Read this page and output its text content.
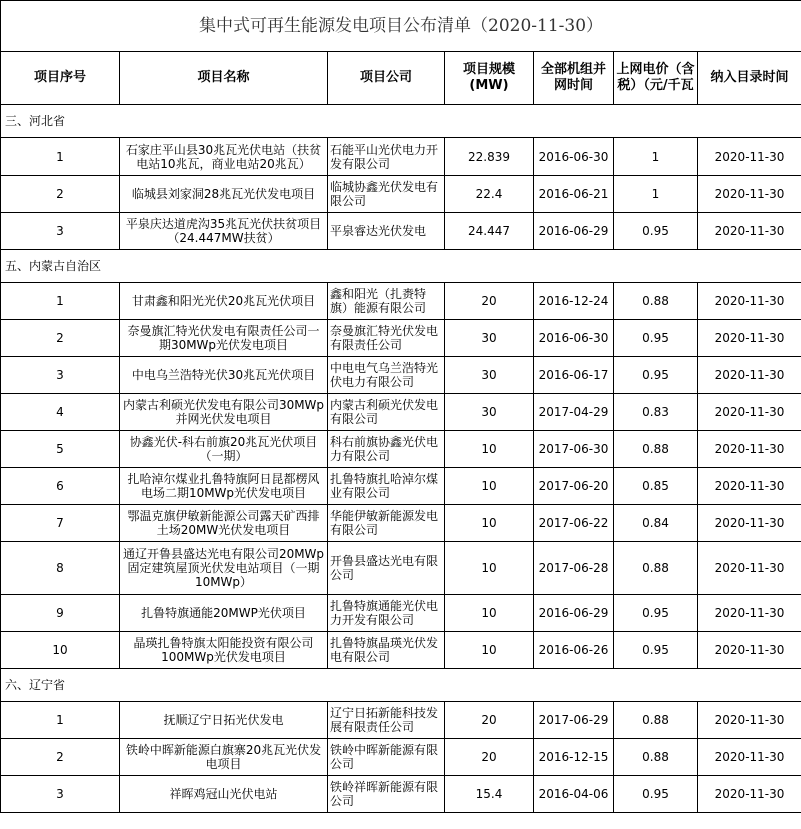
集中式可再生能源发电项目公布清单（2020-11-30）						
项目序号	项目名称	项目公司	项目规模(MW)	全部机组并网时间	上网电价（含税）（元/千瓦	纳入目录时间
三、河北省						
1	石家庄平山县30兆瓦光伏电站（扶贫电站10兆瓦，商业电站20兆瓦）	石能平山光伏电力开发有限公司	22.839	2016-06-30	1	2020-11-30
2	临城县刘家洞28兆瓦光伏发电项目	临城协鑫光伏发电有限公司	22.4	2016-06-21	1	2020-11-30
3	平泉庆达道虎沟35兆瓦光伏扶贫项目（24.447MW扶贫）	平泉睿达光伏发电	24.447	2016-06-29	0.95	2020-11-30
五、内蒙古自治区						
1	甘肃鑫和阳光光伏20兆瓦光伏项目	鑫和阳光（扎赉特旗）能源有限公司	20	2016-12-24	0.88	2020-11-30
2	奈曼旗汇特光伏发电有限责任公司一期30MWp光伏发电项目	奈曼旗汇特光伏发电有限责任公司	30	2016-06-30	0.95	2020-11-30
3	中电乌兰浩特光伏30兆瓦光伏项目	中电电气乌兰浩特光伏电力有限公司	30	2016-06-17	0.95	2020-11-30
4	内蒙古利硕光伏发电有限公司30MWp并网光伏发电项目	内蒙古利硕光伏发电有限公司	30	2017-04-29	0.83	2020-11-30
5	协鑫光伏-科右前旗20兆瓦光伏项目（一期）	科右前旗协鑫光伏电力有限公司	10	2017-06-30	0.88	2020-11-30
6	扎哈淖尔煤业扎鲁特旗阿日昆都楞风电场二期10MWp光伏发电项目	扎鲁特旗扎哈淖尔煤业有限公司	10	2017-06-20	0.85	2020-11-30
7	鄂温克旗伊敏新能源公司露天矿西排土场20MW光伏发电项目	华能伊敏新能源发电有限公司	10	2017-06-22	0.84	2020-11-30
8	通辽开鲁县盛达光电有限公司20MWp固定建筑屋顶光伏发电站项目（一期10MWp）	开鲁县盛达光电有限公司	10	2017-06-28	0.88	2020-11-30
9	扎鲁特旗通能20MWP光伏项目	扎鲁特旗通能光伏电力开发有限公司	10	2016-06-29	0.95	2020-11-30
10	晶瑛扎鲁特旗太阳能投资有限公司100MWp光伏发电项目	扎鲁特旗晶瑛光伏发电有限公司	10	2016-06-26	0.95	2020-11-30
六、辽宁省						
1	抚顺辽宁日拓光伏发电	辽宁日拓新能科技发展有限责任公司	20	2017-06-29	0.88	2020-11-30
2	铁岭中晖新能源白旗寨20兆瓦光伏发电项目	铁岭中晖新能源有限公司	20	2016-12-15	0.88	2020-11-30
3	祥晖鸡冠山光伏电站	铁岭祥晖新能源有限公司	15.4	2016-04-06	0.95	2020-11-30
